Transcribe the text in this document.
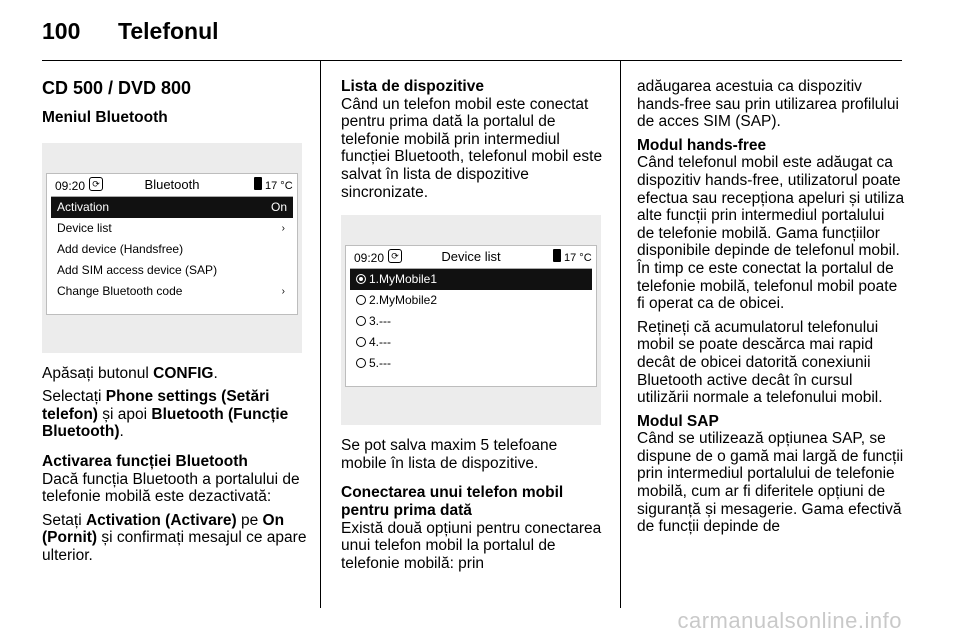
100 Telefonul
CD 500 / DVD 800
Meniul Bluetooth
09:20 ⟳	Bluetooth	17 °C
Activation	On
Device list	›
Add device (Handsfree)
Add SIM access device (SAP)
Change Bluetooth code	›

Apăsați butonul CONFIG.

Selectați Phone settings (Setări telefon) și apoi Bluetooth (Funcție Bluetooth).

Activarea funcției Bluetooth

Dacă funcția Bluetooth a portalului de telefonie mobilă este dezactivată:

Setați Activation (Activare) pe On (Pornit) și confirmați mesajul ce apare ulterior.

Lista de dispozitive

Când un telefon mobil este conectat pentru prima dată la portalul de telefonie mobilă prin intermediul funcției Bluetooth, telefonul mobil este salvat în lista de dispozitive sincronizate.

09:20 ⟳	Device list	17 °C
1.MyMobile1
2.MyMobile2
3.---
4.---
5.---

Se pot salva maxim 5 telefoane mobile în lista de dispozitive.

Conectarea unui telefon mobil pentru prima dată

Există două opțiuni pentru conectarea unui telefon mobil la portalul de telefonie mobilă: prin

adăugarea acestuia ca dispozitiv hands-free sau prin utilizarea profilului de acces SIM (SAP).

Modul hands-free

Când telefonul mobil este adăugat ca dispozitiv hands-free, utilizatorul poate efectua sau recepționa apeluri și utiliza alte funcții prin intermediul portalului de telefonie mobilă. Gama funcțiilor disponibile depinde de telefonul mobil. În timp ce este conectat la portalul de telefonie mobilă, telefonul mobil poate fi operat ca de obicei.

Rețineți că acumulatorul telefonului mobil se poate descărca mai rapid decât de obicei datorită conexiunii Bluetooth active decât în cursul utilizării normale a telefonului mobil.

Modul SAP

Când se utilizează opțiunea SAP, se dispune de o gamă mai largă de funcții prin intermediul portalului de telefonie mobilă, cum ar fi diferitele opțiuni de siguranță și mesagerie. Gama efectivă de funcții depinde de

carmanualsonline.info
